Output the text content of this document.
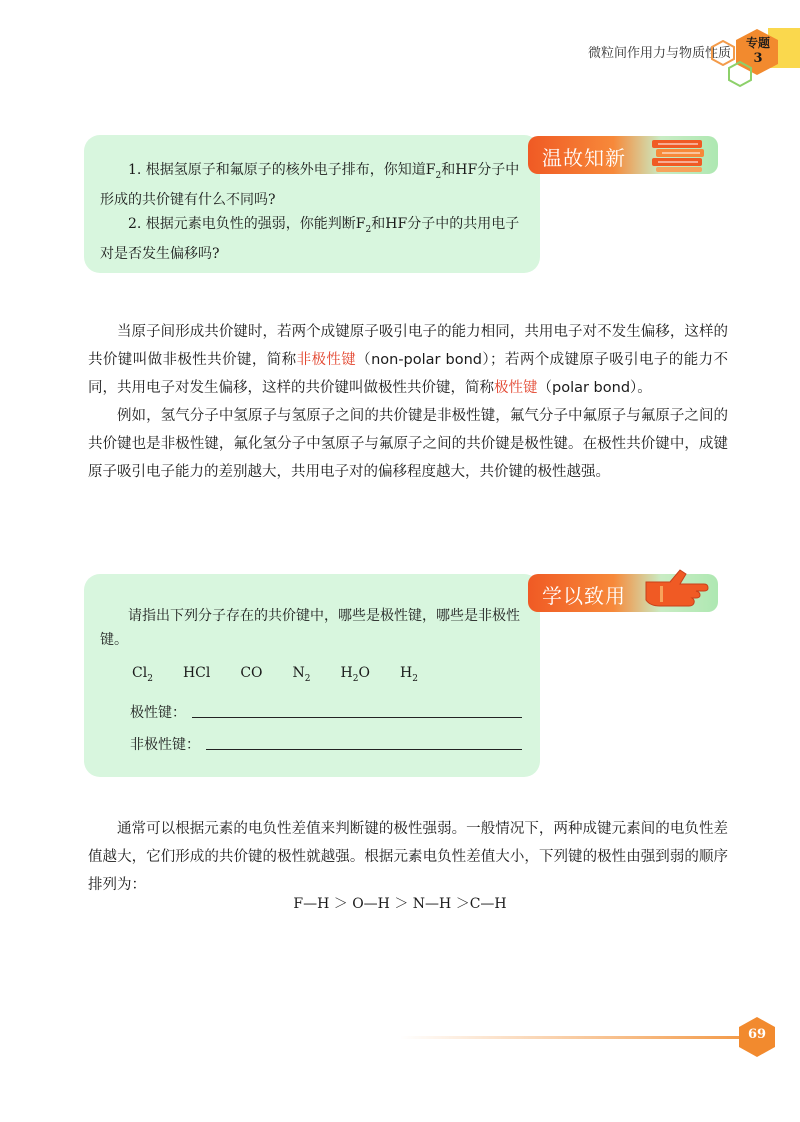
微粒间作用力与物质性质
专题
3
温故知新

1. 根据氢原子和氟原子的核外电子排布，你知道$F_2$和HF分子中形成的共价键有什么不同吗?

2. 根据元素电负性的强弱，你能判断$F_2$和HF分子中的共用电子对是否发生偏移吗?

当原子间形成共价键时，若两个成键原子吸引电子的能力相同，共用电子对不发生偏移，这样的共价键叫做非极性共价键，简称非极性键（non-polar bond）；若两个成键原子吸引电子的能力不同，共用电子对发生偏移，这样的共价键叫做极性共价键，简称极性键（polar bond）。

例如，氢气分子中氢原子与氢原子之间的共价键是非极性键，氟气分子中氟原子与氟原子之间的共价键也是非极性键，氟化氢分子中氢原子与氟原子之间的共价键是极性键。在极性共价键中，成键原子吸引电子能力的差别越大，共用电子对的偏移程度越大，共价键的极性越强。

学以致用

请指出下列分子存在的共价键中，哪些是极性键，哪些是非极性键。

$Cl_2$ HCl CO $N_2$ $H_2O$ $H_2$
极性键：
非极性键：

通常可以根据元素的电负性差值来判断键的极性强弱。一般情况下，两种成键元素间的电负性差值越大，它们形成的共价键的极性就越强。根据元素电负性差值大小，下列键的极性由强到弱的顺序排列为：

F—H ＞ O—H ＞ N—H ＞C—H
69
